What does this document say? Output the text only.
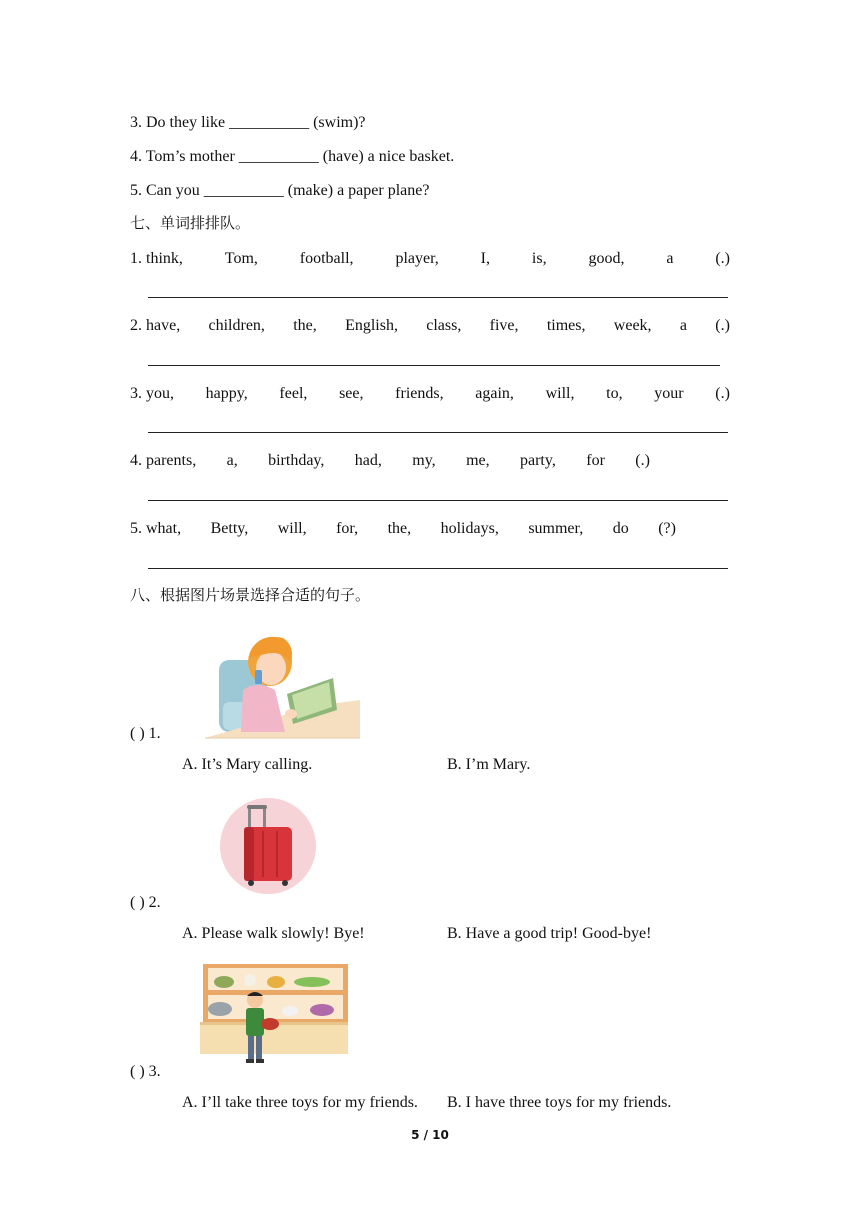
3. Do they like __________ (swim)?
4. Tom’s mother __________ (have) a nice basket.
5. Can you __________ (make) a paper plane?
七、单词排排队。
1. think,	Tom,	football,	player,	I,	is,	good,	a	(.)
2. have, children, the, English, class, five, times, week, a (.)
3. you, happy, feel, see, friends, again, will, to, your (.)
4. parents, a, birthday, had, my, me, party, for (.)
5. what, Betty, will, for, the, holidays, summer, do (?)
八、根据图片场景选择合适的句子。
( ) 1.
A. It’s Mary calling.	B. I’m Mary.
( ) 2.
A. Please walk slowly! Bye!	B. Have a good trip! Good-bye!
( ) 3.
A. I’ll take three toys for my friends. B. I have three toys for my friends.
5 / 10
